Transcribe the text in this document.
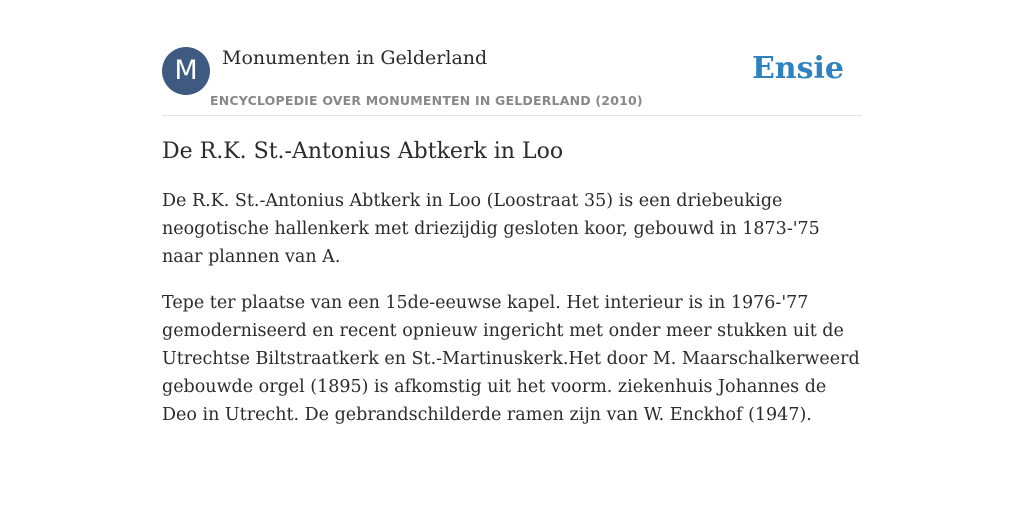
M	Monumenten in Gelderland
ENCYCLOPEDIE OVER MONUMENTEN IN GELDERLAND (2010)
Ensie
De R.K. St.-Antonius Abtkerk in Loo

De R.K. St.-Antonius Abtkerk in Loo (Loostraat 35) is een driebeukige neogotische hallenkerk met driezijdig gesloten koor, gebouwd in 1873-'75 naar plannen van A.

Tepe ter plaatse van een 15de-eeuwse kapel. Het interieur is in 1976-'77 gemoderniseerd en recent opnieuw ingericht met onder meer stukken uit de Utrechtse Biltstraatkerk en St.-Martinuskerk.Het door M. Maarschalkerweerd gebouwde orgel (1895) is afkomstig uit het voorm. ziekenhuis Johannes de Deo in Utrecht. De gebrandschilderde ramen zijn van W. Enckhof (1947).
